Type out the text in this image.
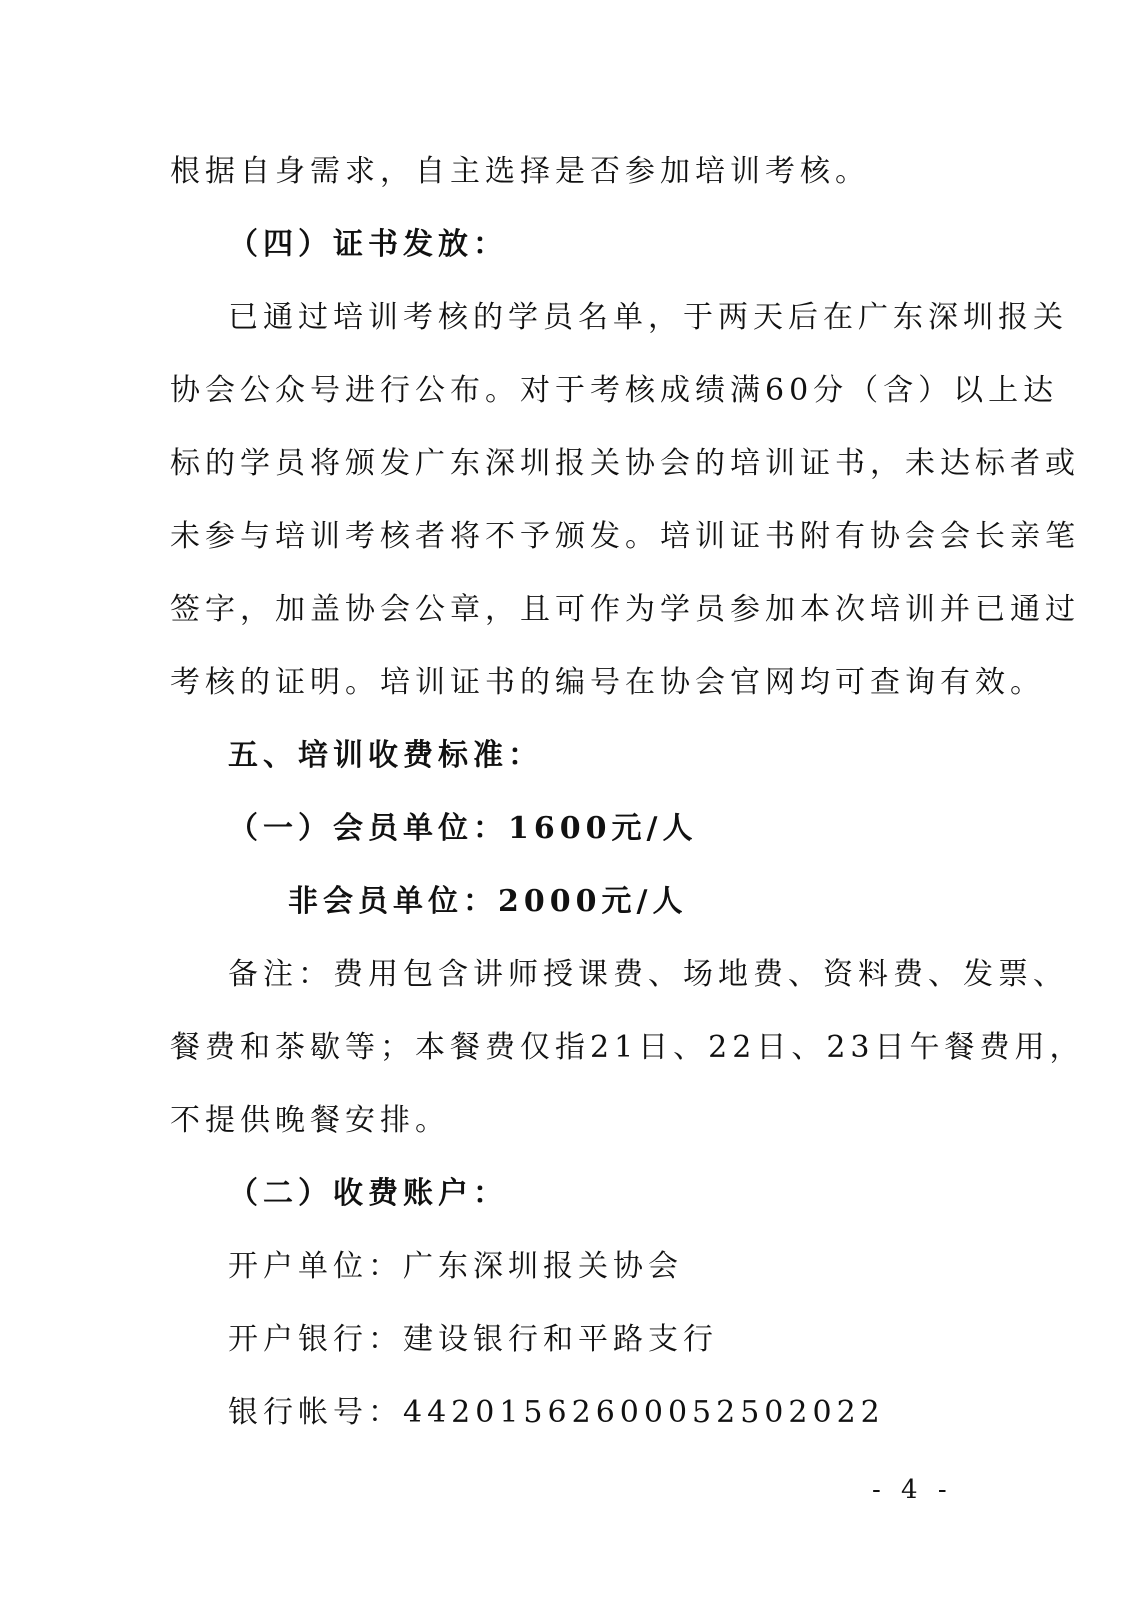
根据自身需求，自主选择是否参加培训考核。
（四）证书发放：
已通过培训考核的学员名单，于两天后在广东深圳报关
协会公众号进行公布。对于考核成绩满60分（含）以上达
标的学员将颁发广东深圳报关协会的培训证书，未达标者或
未参与培训考核者将不予颁发。培训证书附有协会会长亲笔
签字，加盖协会公章，且可作为学员参加本次培训并已通过
考核的证明。培训证书的编号在协会官网均可查询有效。
五、培训收费标准：
（一）会员单位：1600元/人
非会员单位：2000元/人
备注：费用包含讲师授课费、场地费、资料费、发票、
餐费和茶歇等；本餐费仅指21日、22日、23日午餐费用，
不提供晚餐安排。
（二）收费账户：
开户单位：广东深圳报关协会
开户银行：建设银行和平路支行
银行帐号：44201562600052502022
- 4 -
